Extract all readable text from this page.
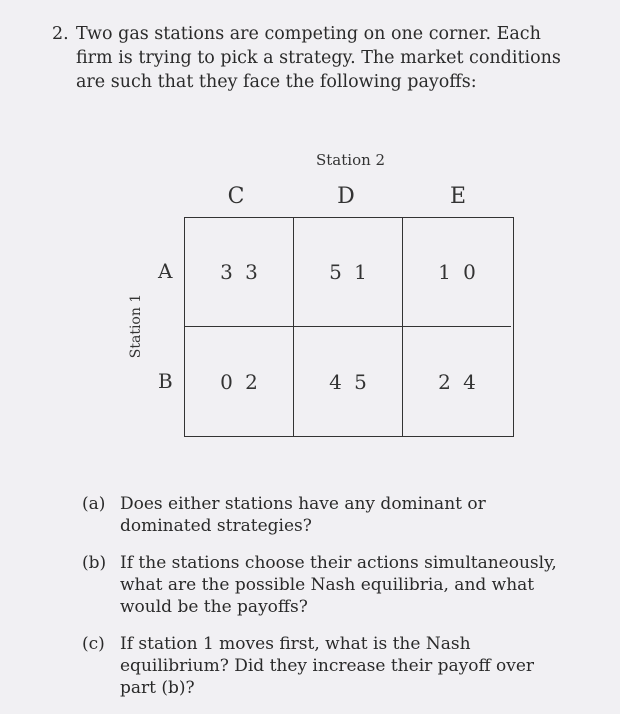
2. Two gas stations are competing on one corner. Each firm is trying to pick a strategy. The market conditions are such that they face the following payoffs:
Station 2
C	D	E
Station 1
A
B
3 3	5 1	1 0
0 2	4 5	2 4
(a) Does either stations have any dominant or dominated strategies?
(b) If the stations choose their actions simultaneously, what are the possible Nash equilibria, and what would be the payoffs?
(c) If station 1 moves first, what is the Nash equilibrium? Did they increase their payoff over part (b)?
